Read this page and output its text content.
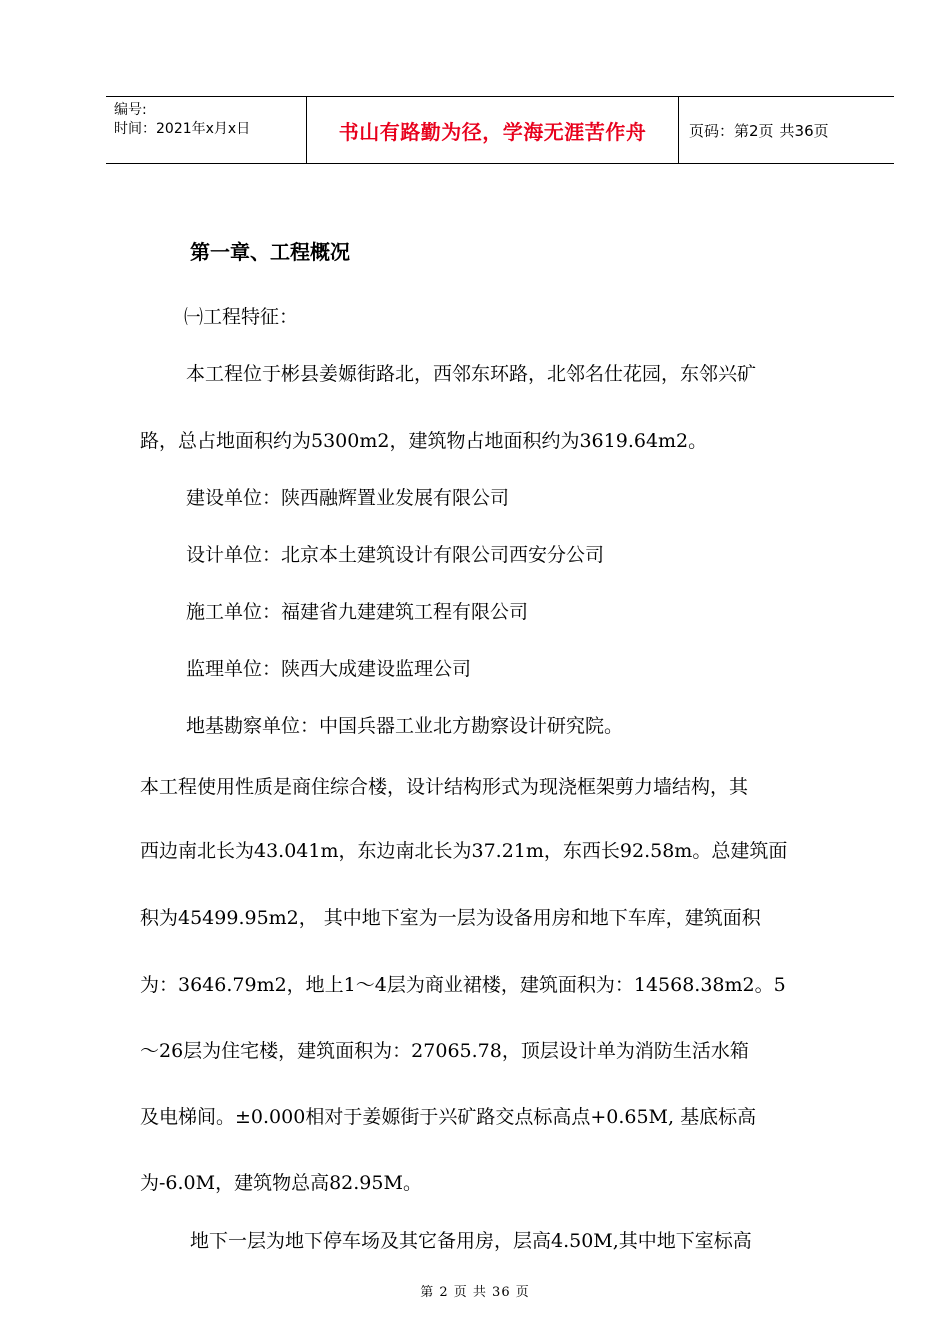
编号:
时间：2021年x月x日	书山有路勤为径，学海无涯苦作舟	页码：第2页 共36页
第一章、工程概况
㈠工程特征：
本工程位于彬县姜嫄街路北，西邻东环路，北邻名仕花园，东邻兴矿
路，总占地面积约为5300m2，建筑物占地面积约为3619.64m2。
建设单位：陕西融辉置业发展有限公司
设计单位：北京本土建筑设计有限公司西安分公司
施工单位：福建省九建建筑工程有限公司
监理单位：陕西大成建设监理公司
地基勘察单位：中国兵器工业北方勘察设计研究院。
本工程使用性质是商住综合楼，设计结构形式为现浇框架剪力墙结构，其
西边南北长为43.041m，东边南北长为37.21m，东西长92.58m。总建筑面
积为45499.95m2， 其中地下室为一层为设备用房和地下车库，建筑面积
为：3646.79m2，地上1～4层为商业裙楼，建筑面积为：14568.38m2。5
～26层为住宅楼，建筑面积为：27065.78，顶层设计单为消防生活水箱
及电梯间。±0.000相对于姜嫄街于兴矿路交点标高点+0.65M, 基底标高
为-6.0M，建筑物总高82.95M。
地下一层为地下停车场及其它备用房，层高4.50M,其中地下室标高
第 2 页 共 36 页
